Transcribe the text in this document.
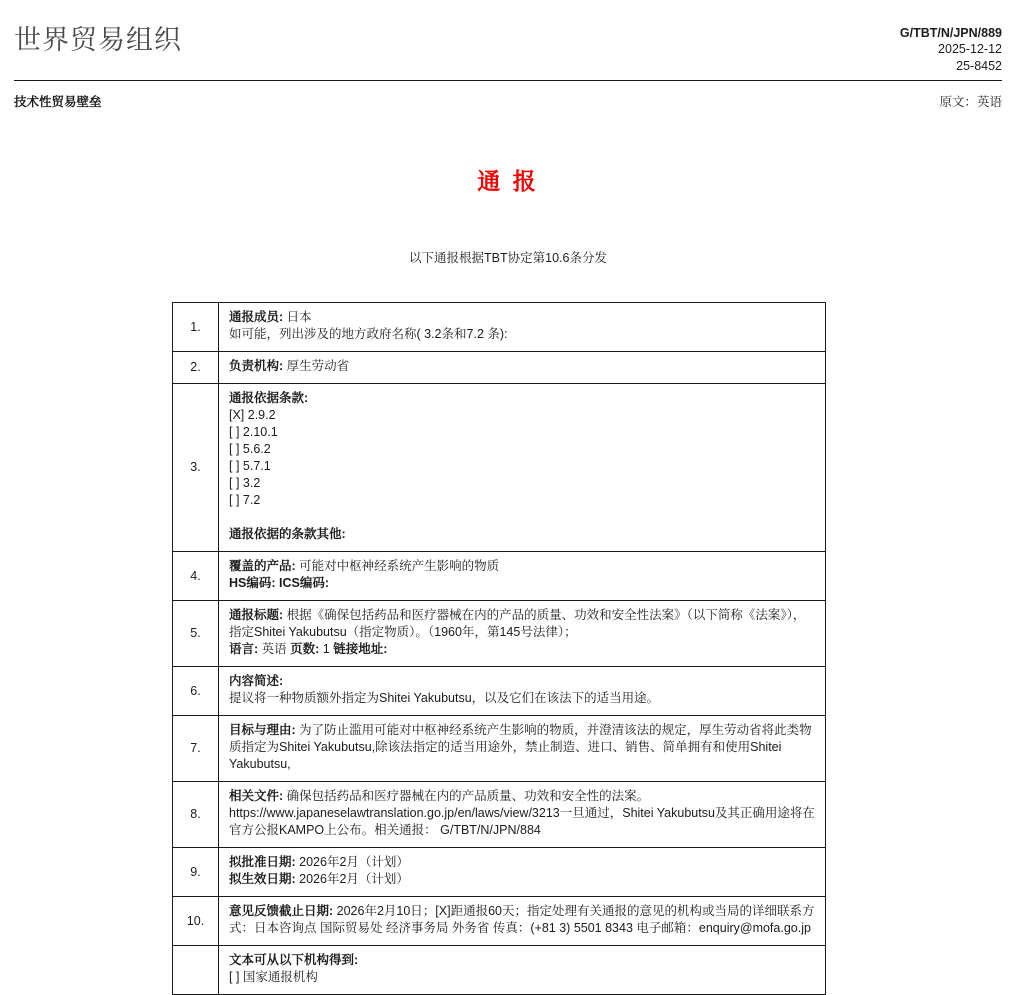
世界贸易组织	G/TBT/N/JPN/889
2025-12-12
25-8452
技术性贸易壁垒	原文：英语
通 报
以下通报根据TBT协定第10.6条分发
1.	通报成员: 日本
如可能，列出涉及的地方政府名称( 3.2条和7.2 条):

2.	负责机构: 厚生劳动省

3.	
通报依据条款:
[X] 2.9.2
[ ] 2.10.1
[ ] 5.6.2
[ ] 5.7.1
[ ] 3.2
[ ] 7.2
通报依据的条款其他:

4.	覆盖的产品: 可能对中枢神经系统产生影响的物质
HS编码: ICS编码:

5.	通报标题: 根据《确保包括药品和医疗器械在内的产品的质量、功效和安全性法案》（以下简称《法案》），指定Shitei Yakubutsu（指定物质）。（1960年，第145号法律）；
语言: 英语 页数: 1 链接地址:

6.	内容简述:
提议将一种物质额外指定为Shitei Yakubutsu，以及它们在该法下的适当用途。

7.	目标与理由: 为了防止滥用可能对中枢神经系统产生影响的物质，并澄清该法的规定，厚生劳动省将此类物质指定为Shitei Yakubutsu,除该法指定的适当用途外，禁止制造、进口、销售、简单拥有和使用Shitei Yakubutsu,

8.	相关文件: 确保包括药品和医疗器械在内的产品质量、功效和安全性的法案。 https://www.japaneselawtranslation.go.jp/en/laws/view/3213一旦通过，Shitei Yakubutsu及其正确用途将在官方公报KAMPO上公布。相关通报： G/TBT/N/JPN/884

9.	拟批准日期: 2026年2月（计划）
拟生效日期: 2026年2月（计划）

10.	意见反馈截止日期: 2026年2月10日；[X]距通报60天；指定处理有关通报的意见的机构或当局的详细联系方式：日本咨询点 国际贸易处 经济事务局 外务省 传真：(+81 3) 5501 8343 电子邮箱：enquiry@mofa.go.jp

	文本可从以下机构得到:
[ ] 国家通报机构
